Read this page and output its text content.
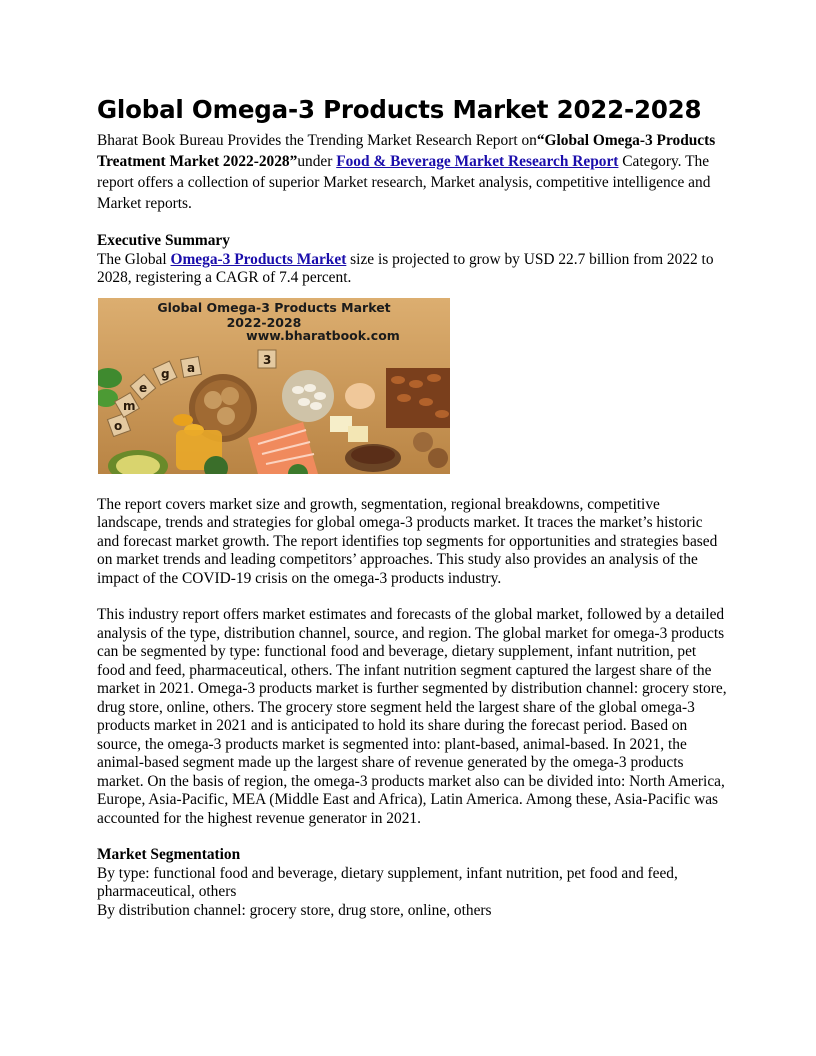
Global Omega-3 Products Market 2022-2028

Bharat Book Bureau Provides the Trending Market Research Report on“Global Omega-3 Products Treatment Market 2022-2028”under Food & Beverage Market Research Report Category. The report offers a collection of superior Market research, Market analysis, competitive intelligence and Market reports.

Executive Summary

The Global Omega-3 Products Market size is projected to grow by USD 22.7 billion from 2022 to 2028, registering a CAGR of 7.4 percent.

o
m
e
g a
3
Global Omega-3 Products Market
2022-2028
www.bharatbook.com

The report covers market size and growth, segmentation, regional breakdowns, competitive landscape, trends and strategies for global omega-3 products market. It traces the market’s historic and forecast market growth. The report identifies top segments for opportunities and strategies based on market trends and leading competitors’ approaches. This study also provides an analysis of the impact of the COVID-19 crisis on the omega-3 products industry.

This industry report offers market estimates and forecasts of the global market, followed by a detailed analysis of the type, distribution channel, source, and region. The global market for omega-3 products can be segmented by type: functional food and beverage, dietary supplement, infant nutrition, pet food and feed, pharmaceutical, others. The infant nutrition segment captured the largest share of the market in 2021. Omega-3 products market is further segmented by distribution channel: grocery store, drug store, online, others. The grocery store segment held the largest share of the global omega-3 products market in 2021 and is anticipated to hold its share during the forecast period. Based on source, the omega-3 products market is segmented into: plant-based, animal-based. In 2021, the animal-based segment made up the largest share of revenue generated by the omega-3 products market. On the basis of region, the omega-3 products market also can be divided into: North America, Europe, Asia-Pacific, MEA (Middle East and Africa), Latin America. Among these, Asia-Pacific was accounted for the highest revenue generator in 2021.

Market Segmentation

By type: functional food and beverage, dietary supplement, infant nutrition, pet food and feed, pharmaceutical, others

By distribution channel: grocery store, drug store, online, others
